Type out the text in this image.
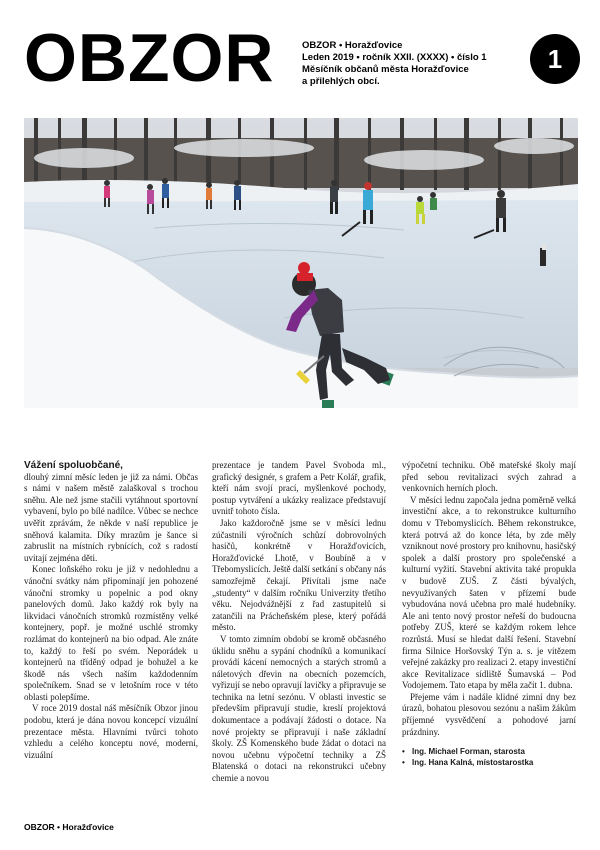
OBZOR	OBZOR • Horažďovice
Leden 2019 • ročník XXII. (XXXX) • číslo 1
Měsíčník občanů města Horažďovice
a přilehlých obcí.
1

Vážení spoluobčané,

dlouhý zimní měsíc leden je již za námi. Občas s námi v našem městě zalaškoval s trochou sněhu. Ale než jsme stačili vytáhnout sportovní vybavení, bylo po bílé nadílce. Vůbec se nechce uvěřit zprávám, že někde v naší republice je sněhová kalamita. Díky mrazům je šance si zabruslit na místních rybnících, což s radostí uvítají zejména děti.

Konec loňského roku je již v nedohlednu a vánoční svátky nám připomínají jen pohozené vánoční stromky u popelnic a pod okny panelových domů. Jako každý rok byly na likvidaci vánočních stromků rozmístěny velké kontejnery, popř. je možné uschlé stromky rozlámat do kontejnerů na bio odpad. Ale znáte to, každý to řeší po svém. Neporádek u kontejnerů na tříděný odpad je bohužel a ke škodě nás všech naším každodenním společníkem. Snad se v letošním roce v této oblasti polepšíme.

V roce 2019 dostal náš měsíčník Obzor jinou podobu, která je dána novou koncepcí vizuální prezentace města. Hlavními tvůrci tohoto vzhledu a celého konceptu nové, moderní, vizuální

prezentace je tandem Pavel Svoboda ml., grafický designér, s grafem a Petr Kolář, grafik, kteří nám svojí prací, myšlenkové pochody, postup vytváření a ukázky realizace představují uvnitř tohoto čísla.

Jako každoročně jsme se v měsíci lednu zúčastnili výročních schůzí dobrovolných hasičů, konkrétně v Horažďovicích, Horažďovické Lhotě, v Boubíně a v Třebomyslicích. Ještě další setkání s občany nás samozřejmě čekají. Přivítali jsme nače „studenty“ v dalším ročníku Univerzity třetího věku. Nejodvážnější z řad zastupitelů si zatančili na Prácheňském plese, který pořádá město.

V tomto zimním období se kromě občasného úklidu sněhu a sypání chodníků a komunikací provádí kácení nemocných a starých stromů a náletových dřevin na obecních pozemcích, vyřizují se nebo opravují lavičky a připravuje se technika na letní sezónu. V oblasti investic se především připravují studie, kreslí projektová dokumentace a podávají žádosti o dotace. Na nové projekty se připravují i naše základní školy. ZŠ Komenského bude žádat o dotaci na novou učebnu výpočetní techniky a ZŠ Blatenská o dotaci na rekonstrukci učebny chemie a novou

výpočetní techniku. Obě mateřské školy mají před sebou revitalizaci svých zahrad a venkovních herních ploch.

V měsíci lednu započala jedna poměrně velká investiční akce, a to rekonstrukce kulturního domu v Třebomyslicích. Během rekonstrukce, která potrvá až do konce léta, by zde měly vzniknout nové prostory pro knihovnu, hasičský spolek a další prostory pro společenské a kulturní vyžití. Stavební aktivita také propukla v budově ZUŠ. Z části bývalých, nevyužívaných šaten v přízemí bude vybudována nová učebna pro malé hudebníky. Ale ani tento nový prostor neřeší do budoucna potřeby ZUŠ, které se každým rokem lehce rozrůstá. Musí se hledat další řešení. Stavební firma Silnice Horšovský Týn a. s. je vítězem veřejné zakázky pro realizaci 2. etapy investiční akce Revitalizace sídliště Šumavská – Pod Vodojemem. Tato etapa by měla začít 1. dubna.

Přejeme vám i nadále klidné zimní dny bez úrazů, bohatou plesovou sezónu a našim žákům příjemné vysvědčení a pohodové jarní prázdniny.

• Ing. Michael Forman, starosta
• Ing. Hana Kalná, místostarostka
OBZOR • Horažďovice
